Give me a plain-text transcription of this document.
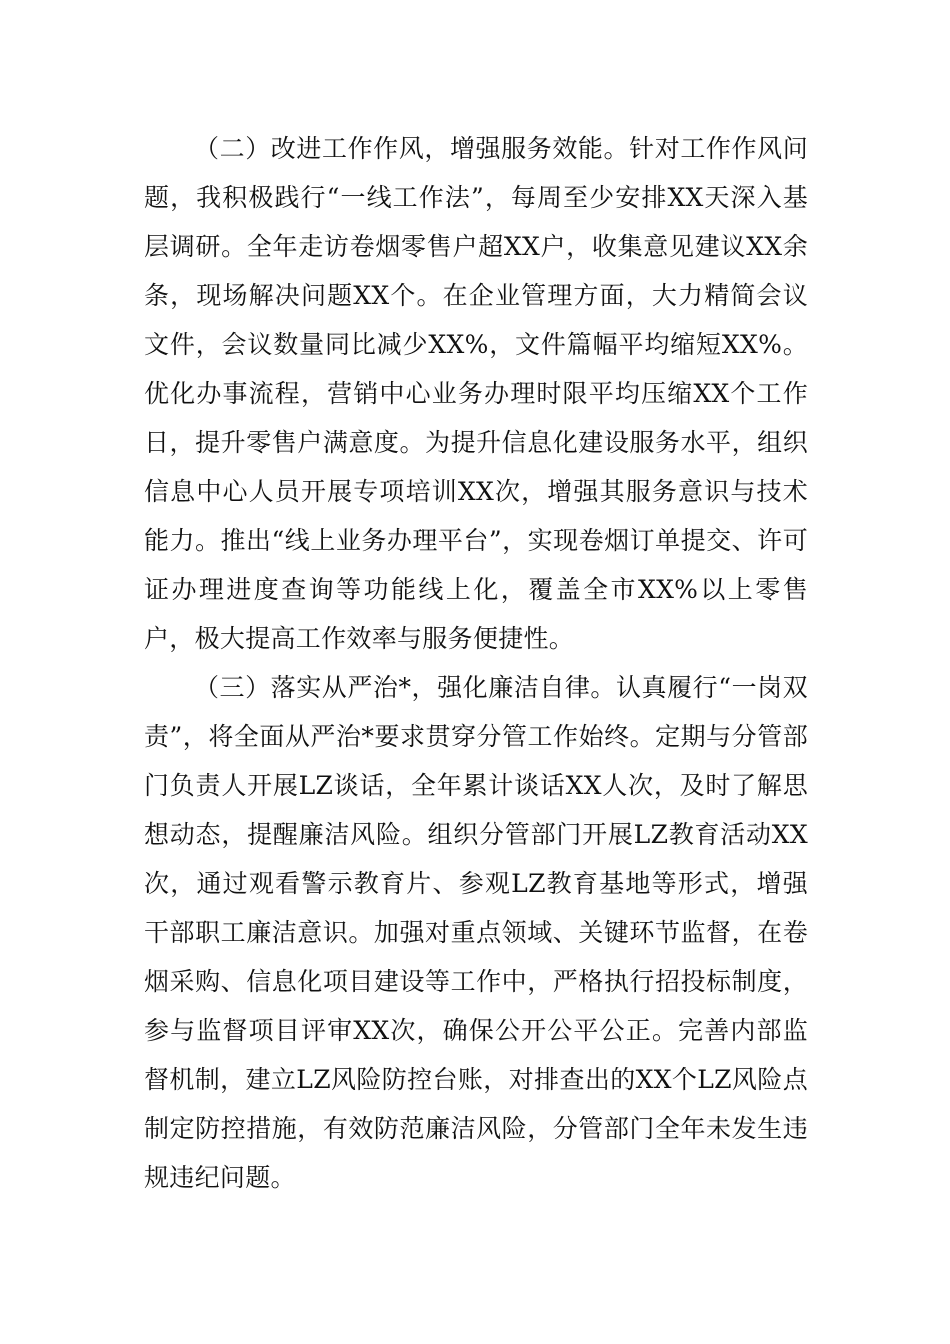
（二）改进工作作风，增强服务效能。针对工作作风问题，我积极践行“一线工作法”，每周至少安排XX天深入基层调研。全年走访卷烟零售户超XX户，收集意见建议XX余条，现场解决问题XX个。在企业管理方面，大力精简会议文件，会议数量同比减少XX%，文件篇幅平均缩短XX%。优化办事流程，营销中心业务办理时限平均压缩XX个工作日，提升零售户满意度。为提升信息化建设服务水平，组织信息中心人员开展专项培训XX次，增强其服务意识与技术能力。推出“线上业务办理平台”，实现卷烟订单提交、许可证办理进度查询等功能线上化，覆盖全市XX%以上零售户，极大提高工作效率与服务便捷性。

（三）落实从严治*，强化廉洁自律。认真履行“一岗双责”，将全面从严治*要求贯穿分管工作始终。定期与分管部门负责人开展LZ谈话，全年累计谈话XX人次，及时了解思想动态，提醒廉洁风险。组织分管部门开展LZ教育活动XX次，通过观看警示教育片、参观LZ教育基地等形式，增强干部职工廉洁意识。加强对重点领域、关键环节监督，在卷烟采购、信息化项目建设等工作中，严格执行招投标制度，参与监督项目评审XX次，确保公开公平公正。完善内部监督机制，建立LZ风险防控台账，对排查出的XX个LZ风险点制定防控措施，有效防范廉洁风险，分管部门全年未发生违规违纪问题。
